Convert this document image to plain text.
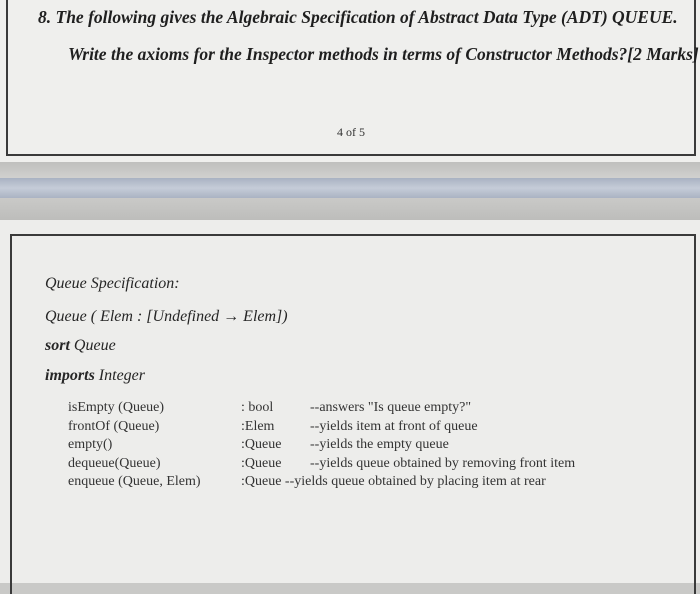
8. The following gives the Algebraic Specification of Abstract Data Type (ADT) QUEUE.
Write the axioms for the Inspector methods in terms of Constructor Methods?[2 Marks]
4 of 5
Queue Specification:
Queue ( Elem : [Undefined → Elem])
sort Queue
imports Integer
isEmpty (Queue)
frontOf (Queue)
empty()
dequeue(Queue)
enqueue (Queue, Elem)
: bool
:Elem
:Queue
:Queue
:Queue --yields queue obtained by placing item at rear
--answers "Is queue empty?"
--yields item at front of queue
--yields the empty queue
--yields queue obtained by removing front item
